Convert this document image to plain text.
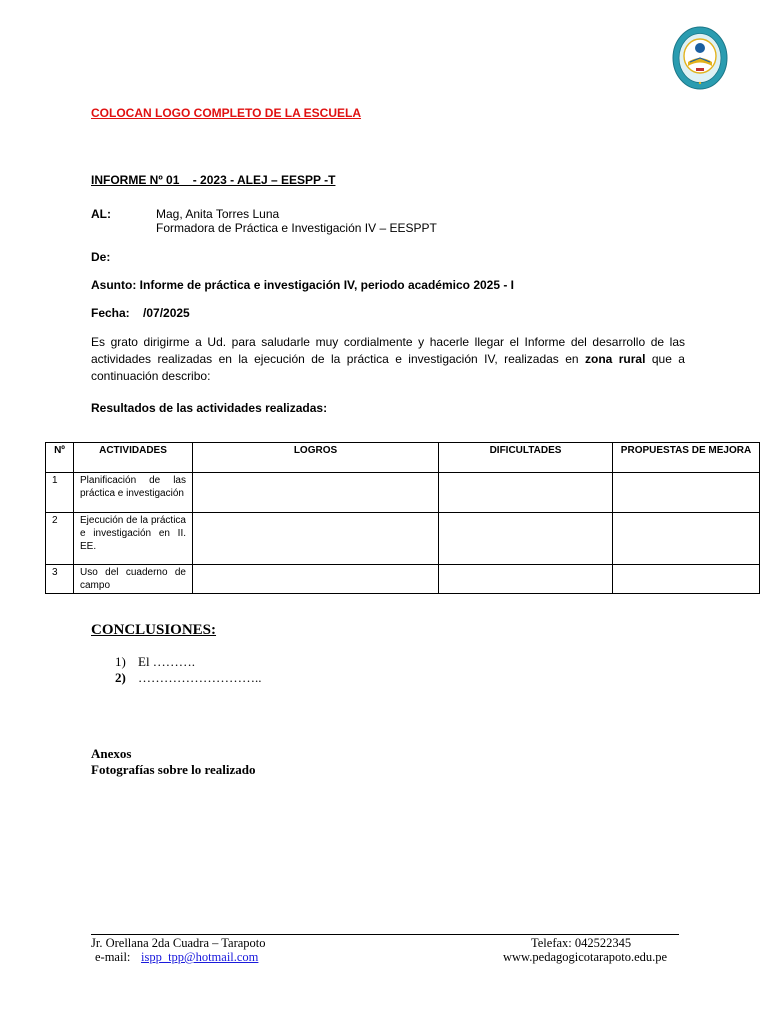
COLOCAN LOGO COMPLETO DE LA ESCUELA
INFORME Nº 01    - 2023 - ALEJ – EESPP -T
AL:	Mag, Anita Torres Luna
Formadora de Práctica e Investigación IV – EESPPT
De:
Asunto: Informe de práctica e investigación IV, periodo académico 2025 - I
Fecha:    /07/2025
Es grato dirigirme a Ud. para saludarle muy cordialmente y hacerle llegar el Informe del desarrollo de las actividades realizadas en la ejecución de la práctica e investigación IV, realizadas en zona rural que a continuación describo:
Resultados de las actividades realizadas:
Nº	ACTIVIDADES	LOGROS	DIFICULTADES	PROPUESTAS DE MEJORA
1	Planificación de las práctica e investigación			
2	Ejecución de la práctica e investigación en II. EE.			
3	Uso del cuaderno de campo			
CONCLUSIONES:
1) El ……….
2) ………………………..
Anexos
Fotografías sobre lo realizado
Jr. Orellana 2da Cuadra – Tarapoto	Telefax: 042522345
e-mail: ispp_tpp@hotmail.com	www.pedagogicotarapoto.edu.pe
